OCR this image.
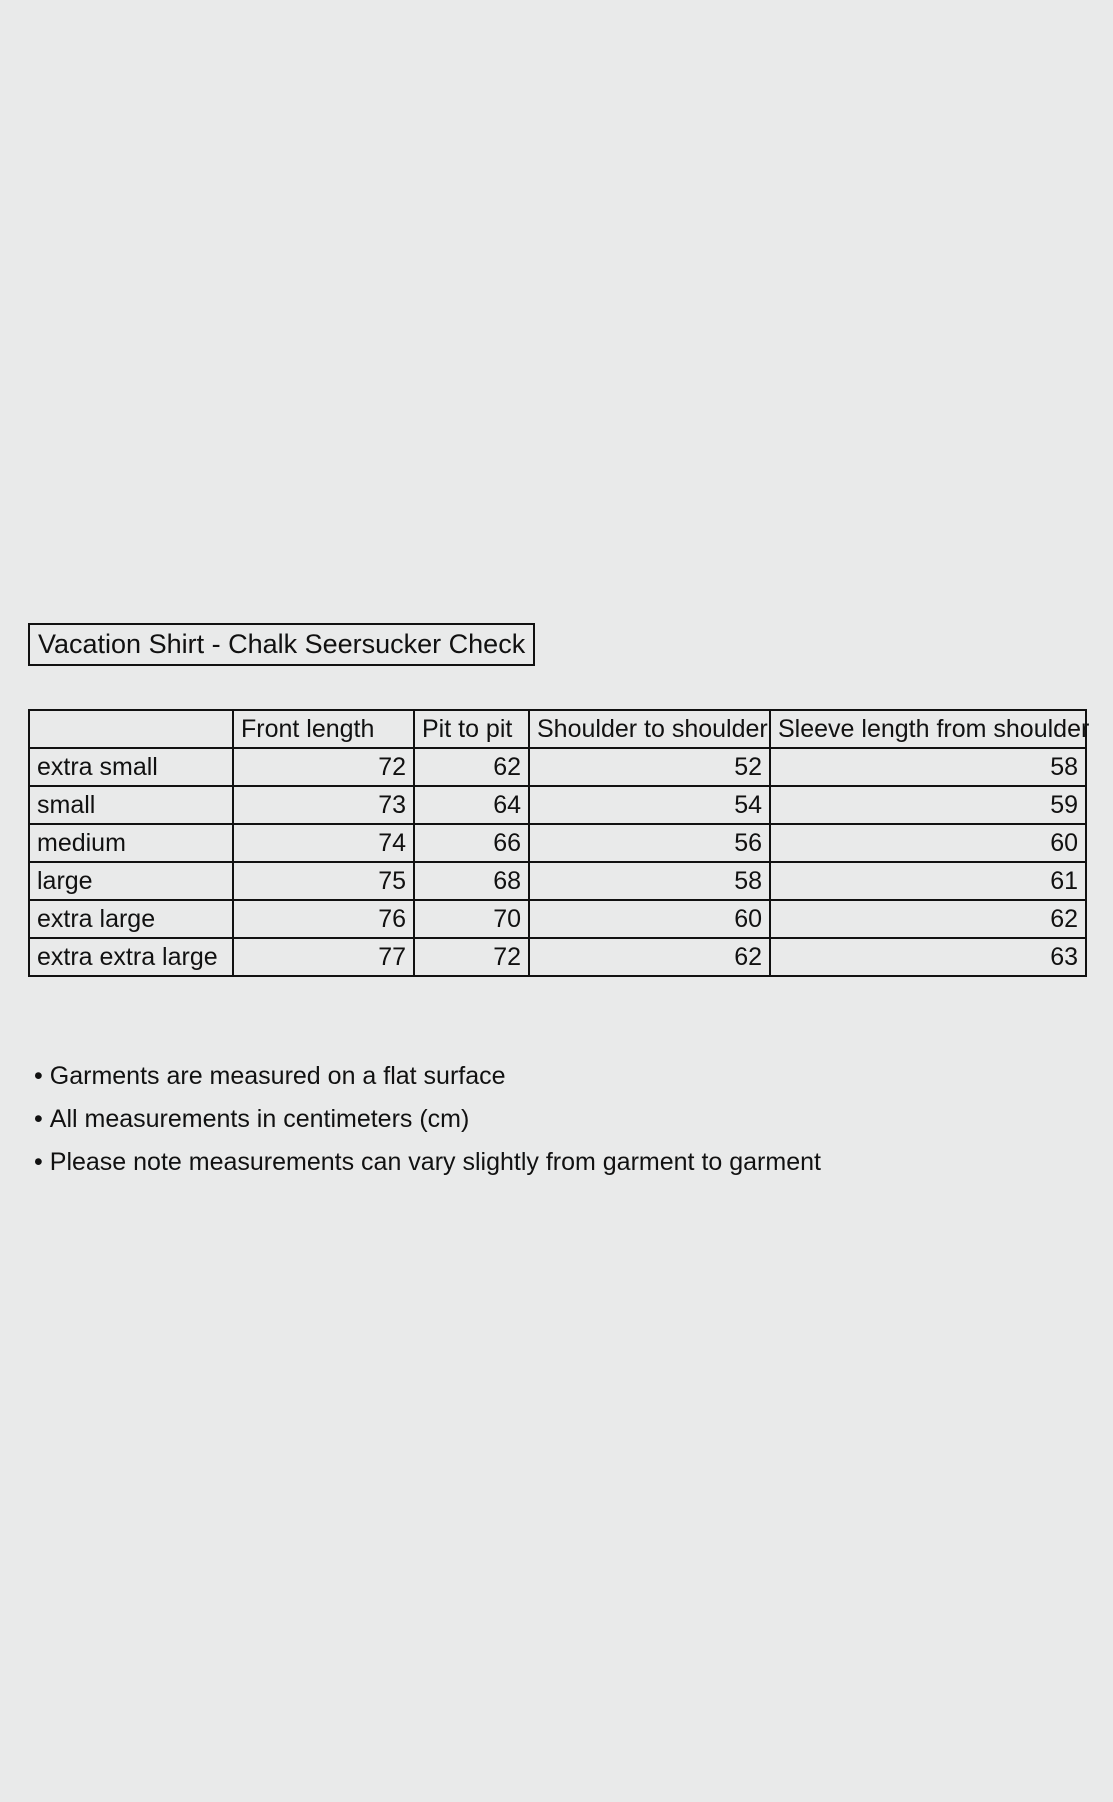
Vacation Shirt - Chalk Seersucker Check
	Front length	Pit to pit	Shoulder to shoulder	Sleeve length from shoulder
extra small	72	62	52	58
small	73	64	54	59
medium	74	66	56	60
large	75	68	58	61
extra large	76	70	60	62
extra extra large	77	72	62	63
• Garments are measured on a flat surface
• All measurements in centimeters (cm)
• Please note measurements can vary slightly from garment to garment
